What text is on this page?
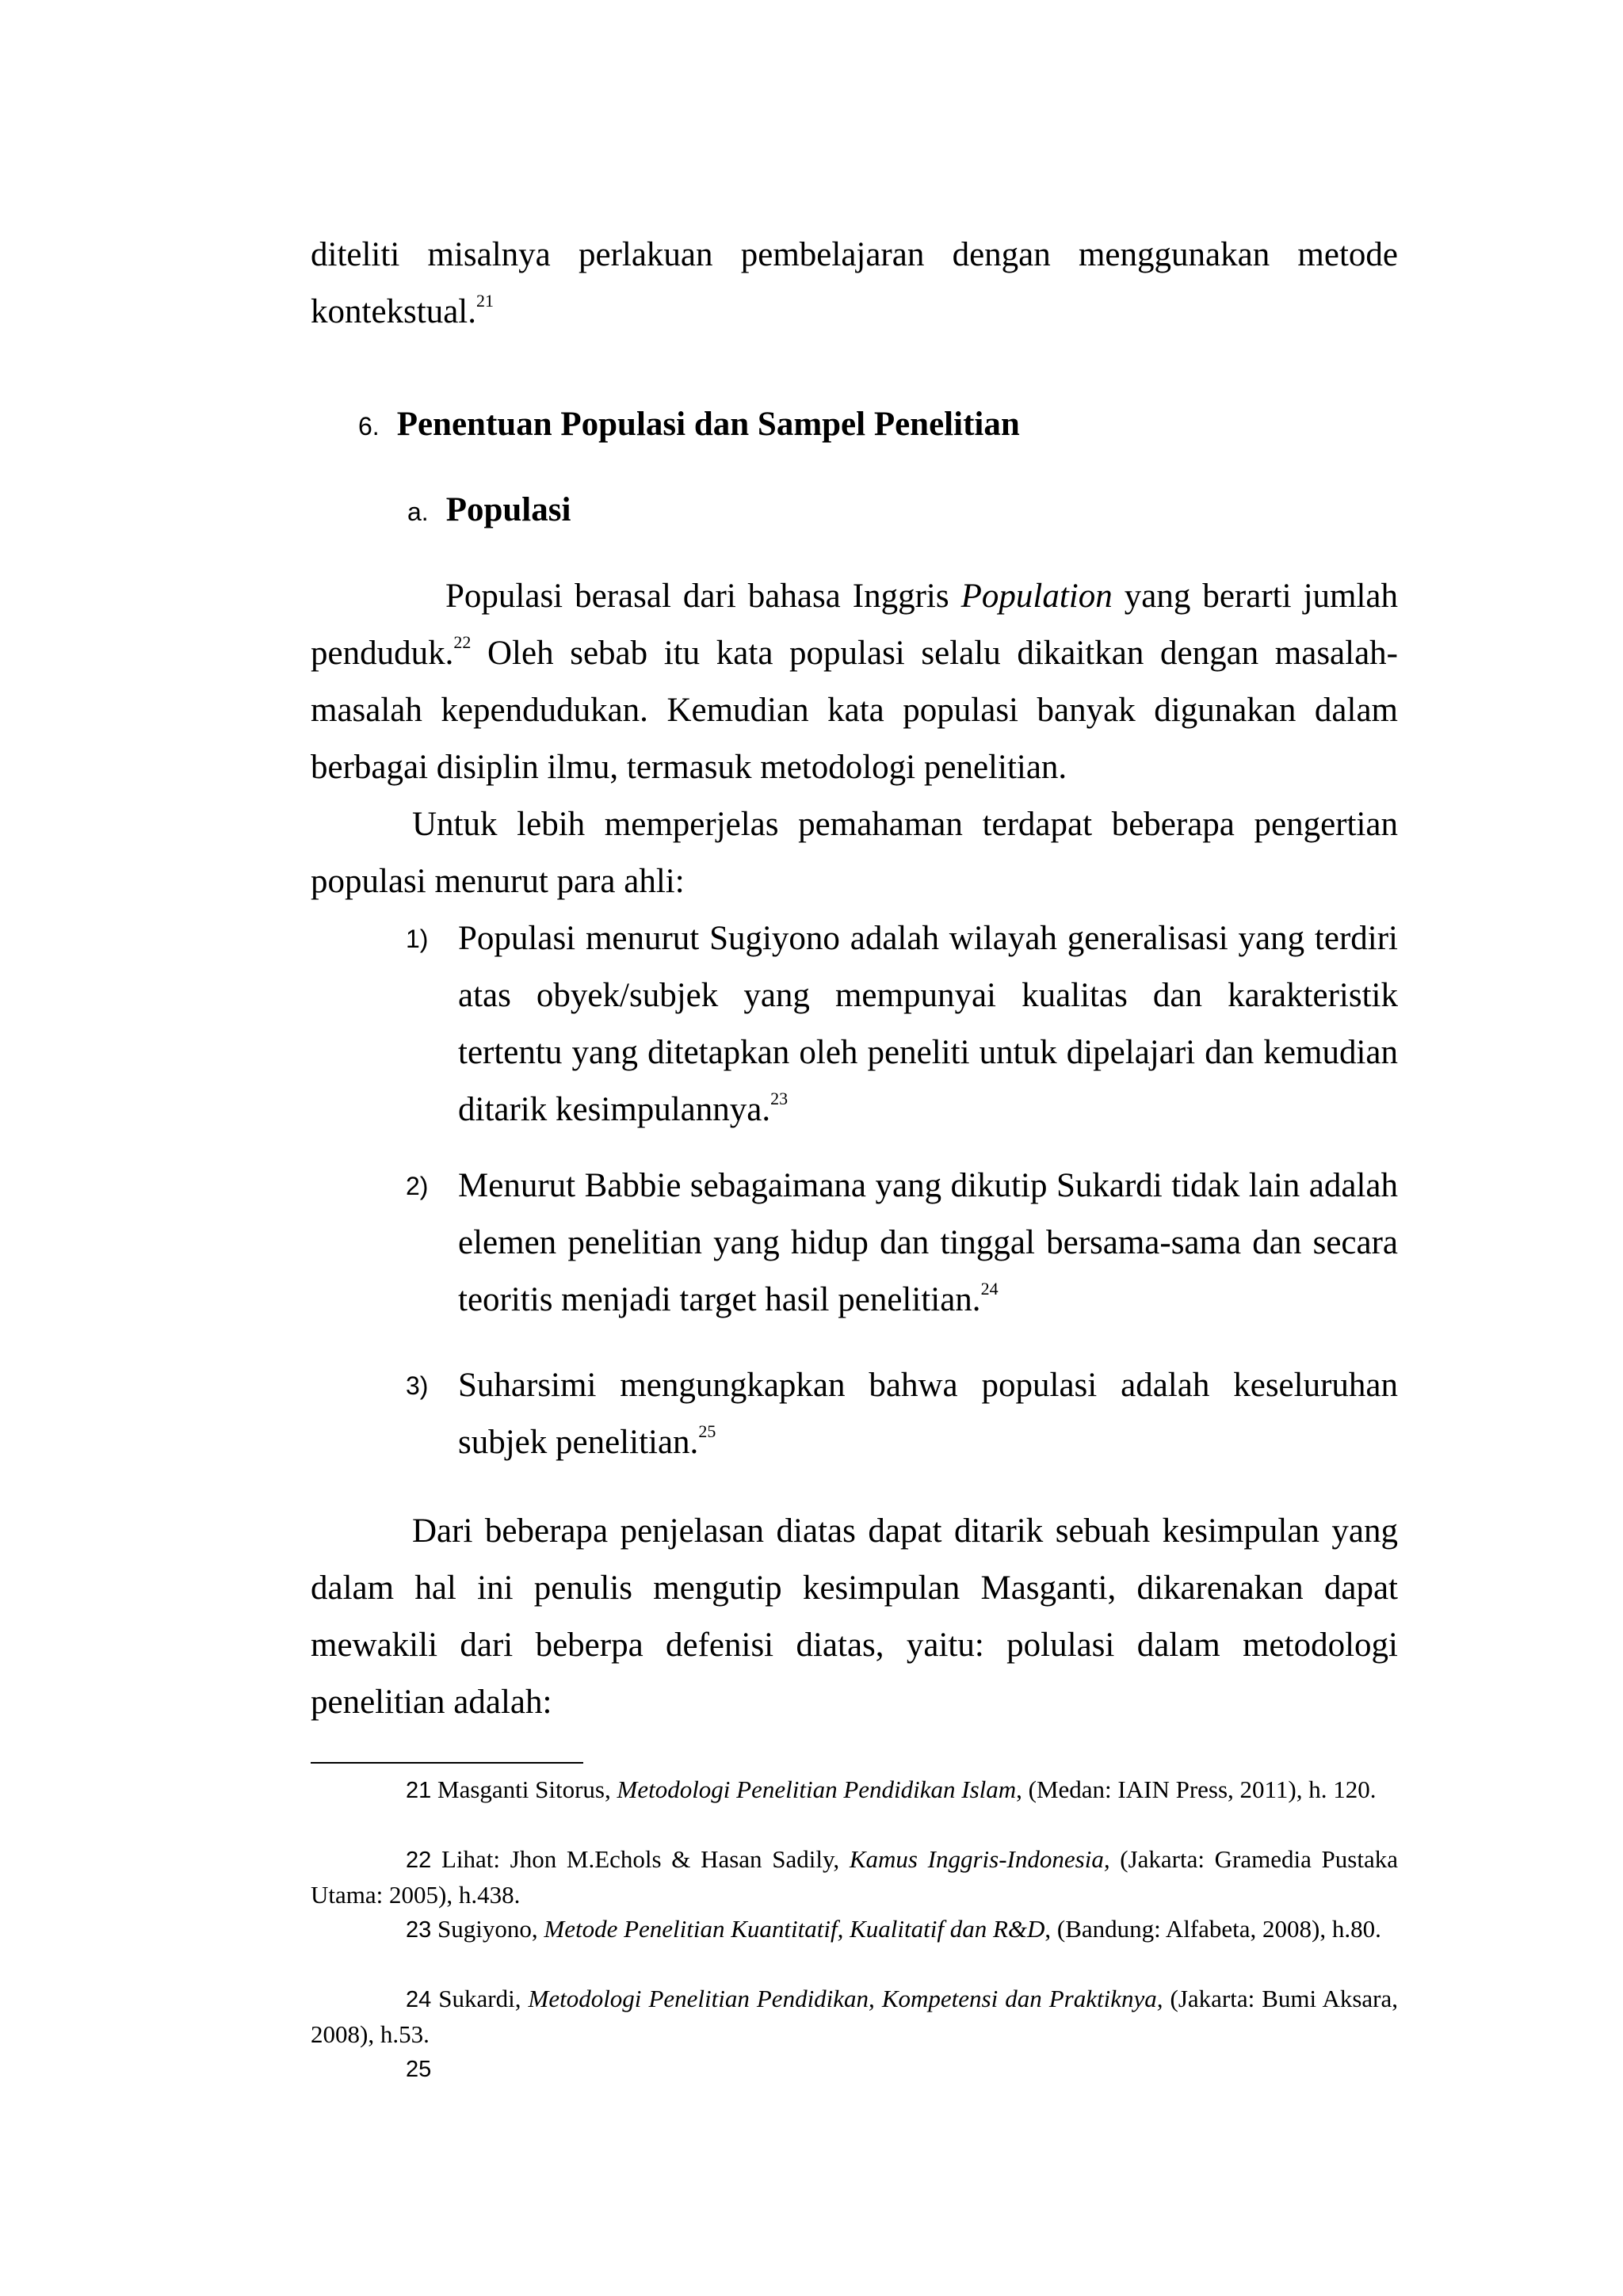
diteliti misalnya perlakuan pembelajaran dengan menggunakan metode kontekstual.$^{21}$

6. Penentuan Populasi dan Sampel Penelitian
a. Populasi

Populasi berasal dari bahasa Inggris Population yang berarti jumlah penduduk.$^{22}$ Oleh sebab itu kata populasi selalu dikaitkan dengan masalah-masalah kependudukan. Kemudian kata populasi banyak digunakan dalam berbagai disiplin ilmu, termasuk metodologi penelitian.

Untuk lebih memperjelas pemahaman terdapat beberapa pengertian populasi menurut para ahli:

1) Populasi menurut Sugiyono adalah wilayah generalisasi yang terdiri atas obyek/subjek yang mempunyai kualitas dan karakteristik tertentu yang ditetapkan oleh peneliti untuk dipelajari dan kemudian ditarik kesimpulannya.$^{23}$

2) Menurut Babbie sebagaimana yang dikutip Sukardi tidak lain adalah elemen penelitian yang hidup dan tinggal bersama-sama dan secara teoritis menjadi target hasil penelitian.$^{24}$

3) Suharsimi mengungkapkan bahwa populasi adalah keseluruhan subjek penelitian.$^{25}$

Dari beberapa penjelasan diatas dapat ditarik sebuah kesimpulan yang dalam hal ini penulis mengutip kesimpulan Masganti, dikarenakan dapat mewakili dari beberpa defenisi diatas, yaitu: polulasi dalam metodologi penelitian adalah:

21 Masganti Sitorus, Metodologi Penelitian Pendidikan Islam, (Medan: IAIN Press, 2011), h. 120.

22 Lihat: Jhon M.Echols & Hasan Sadily, Kamus Inggris-Indonesia, (Jakarta: Gramedia Pustaka Utama: 2005), h.438.

23 Sugiyono, Metode Penelitian Kuantitatif, Kualitatif dan R&D, (Bandung: Alfabeta, 2008), h.80.

24 Sukardi, Metodologi Penelitian Pendidikan, Kompetensi dan Praktiknya, (Jakarta: Bumi Aksara, 2008), h.53.

25
